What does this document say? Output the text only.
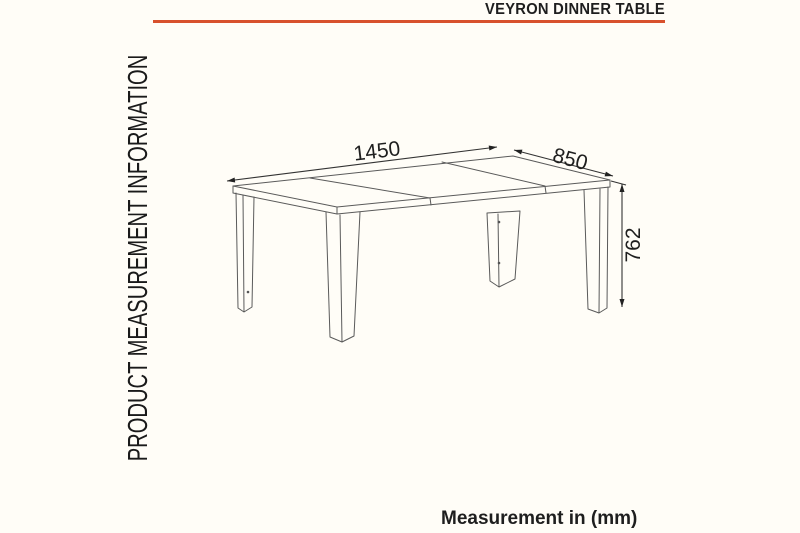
VEYRON DINNER TABLE
PRODUCT MEASUREMENT INFORMATION	1450	850
762
Measurement in (mm)
